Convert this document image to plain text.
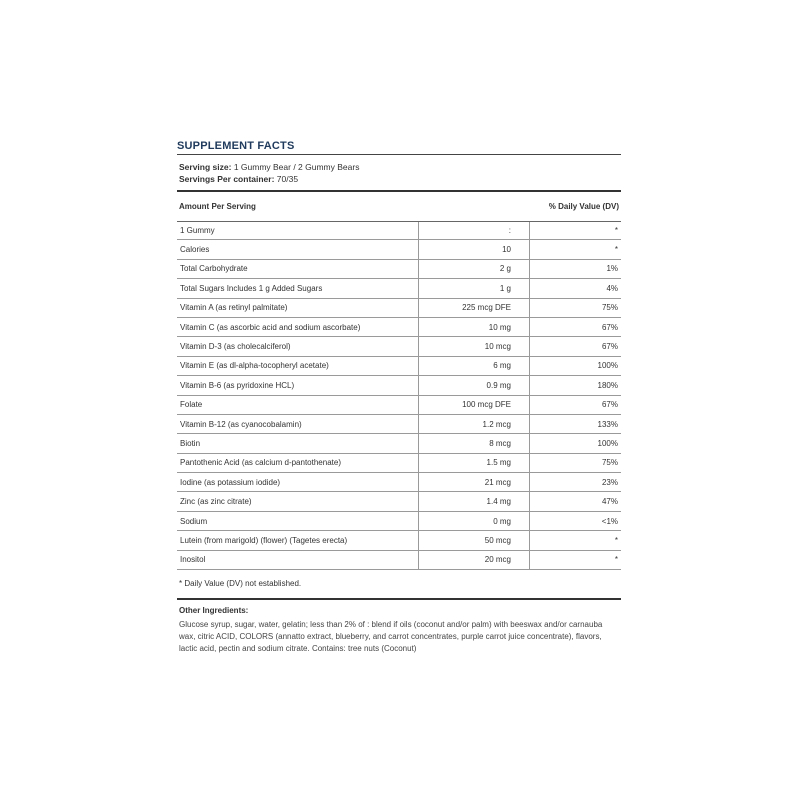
SUPPLEMENT FACTS
Serving size: 1 Gummy Bear / 2 Gummy Bears
Servings Per container: 70/35
Amount Per Serving	% Daily Value (DV)
1 Gummy	:	*
Calories	10	*
Total Carbohydrate	2 g	1%
Total Sugars Includes 1 g Added Sugars	1 g	4%
Vitamin A (as retinyl palmitate)	225 mcg DFE	75%
Vitamin C (as ascorbic acid and sodium ascorbate)	10 mg	67%
Vitamin D-3 (as cholecalciferol)	10 mcg	67%
Vitamin E (as dl-alpha-tocopheryl acetate)	6 mg	100%
Vitamin B-6 (as pyridoxine HCL)	0.9 mg	180%
Folate	100 mcg DFE	67%
Vitamin B-12 (as cyanocobalamin)	1.2 mcg	133%
Biotin	8 mcg	100%
Pantothenic Acid (as calcium d-pantothenate)	1.5 mg	75%
Iodine (as potassium iodide)	21 mcg	23%
Zinc (as zinc citrate)	1.4 mg	47%
Sodium	0 mg	<1%
Lutein (from marigold) (flower) (Tagetes erecta)	50 mcg	*
Inositol	20 mcg	*
* Daily Value (DV) not established.
Other Ingredients:
Glucose syrup, sugar, water, gelatin; less than 2% of : blend if oils (coconut and/or palm) with beeswax and/or carnauba wax, citric ACID, COLORS (annatto extract, blueberry, and carrot concentrates, purple carrot juice concentrate), flavors, lactic acid, pectin and sodium citrate. Contains: tree nuts (Coconut)
